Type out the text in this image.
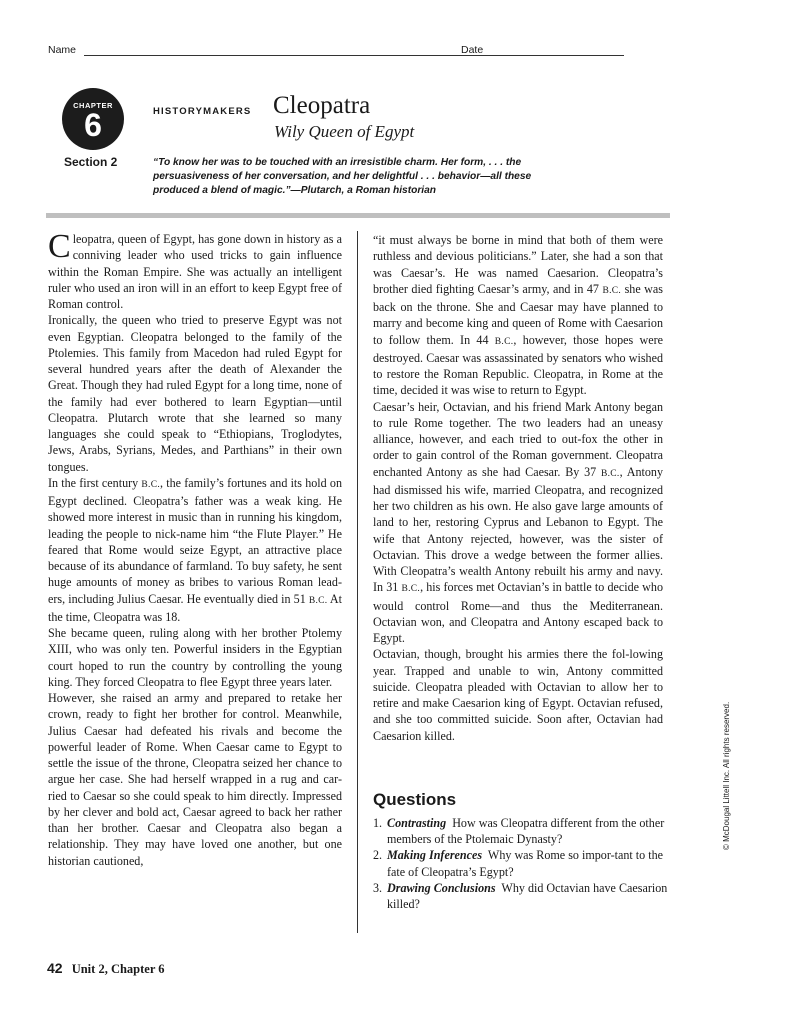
Name	Date
CHAPTER
6
Section 2
HISTORYMAKERS Cleopatra
Wily Queen of Egypt
“To know her was to be touched with an irresistible charm. Her form, . . . the persuasiveness of her conversation, and her delightful . . . behavior—all these produced a blend of magic.”—Plutarch, a Roman historian

Cleopatra, queen of Egypt, has gone down in history as a conniving leader who used tricks to gain influence within the Roman Empire. She was actually an intelligent ruler who used an iron will in an effort to keep Egypt free of Roman control.

Ironically, the queen who tried to preserve Egypt was not even Egyptian. Cleopatra belonged to the family of the Ptolemies. This family from Macedon had ruled Egypt for several hundred years after the death of Alexander the Great. Though they had ruled Egypt for a long time, none of the family had ever bothered to learn Egyptian—until Cleopatra. Plutarch wrote that she learned so many languages she could speak to “Ethiopians, Troglodytes, Jews, Arabs, Syrians, Medes, and Parthians” in their own tongues.

In the first century B.C., the family’s fortunes and its hold on Egypt declined. Cleopatra’s father was a weak king. He showed more interest in music than in running his kingdom, leading the people to nick-name him “the Flute Player.” He feared that Rome would seize Egypt, an attractive place because of its abundance of farmland. To buy safety, he sent huge amounts of money as bribes to various Roman lead-ers, including Julius Caesar. He eventually died in 51 B.C. At the time, Cleopatra was 18.

She became queen, ruling along with her brother Ptolemy XIII, who was only ten. Powerful insiders in the Egyptian court hoped to run the country by controlling the young king. They forced Cleopatra to flee Egypt three years later.

However, she raised an army and prepared to retake her crown, ready to fight her brother for control. Meanwhile, Julius Caesar had defeated his rivals and become the powerful leader of Rome. When Caesar came to Egypt to settle the issue of the throne, Cleopatra seized her chance to argue her case. She had herself wrapped in a rug and car-ried to Caesar so she could speak to him directly. Impressed by her clever and bold act, Caesar agreed to back her rather than her brother. Caesar and Cleopatra also began a relationship. They may have loved one another, but one historian cautioned,

“it must always be borne in mind that both of them were ruthless and devious politicians.” Later, she had a son that was Caesar’s. He was named Caesarion. Cleopatra’s brother died fighting Caesar’s army, and in 47 B.C. she was back on the throne. She and Caesar may have planned to marry and become king and queen of Rome with Caesarion to follow them. In 44 B.C., however, those hopes were destroyed. Caesar was assassinated by senators who wished to restore the Roman Republic. Cleopatra, in Rome at the time, decided it was wise to return to Egypt.

Caesar’s heir, Octavian, and his friend Mark Antony began to rule Rome together. The two leaders had an uneasy alliance, however, and each tried to out-fox the other in order to gain control of the Roman government. Cleopatra enchanted Antony as she had Caesar. By 37 B.C., Antony had dismissed his wife, married Cleopatra, and recognized her two children as his own. He also gave large amounts of land to her, restoring Cyprus and Lebanon to Egypt. The wife that Antony rejected, however, was the sister of Octavian. This drove a wedge between the former allies. With Cleopatra’s wealth Antony rebuilt his army and navy. In 31 B.C., his forces met Octavian’s in battle to decide who would control Rome—and thus the Mediterranean. Octavian won, and Cleopatra and Antony escaped back to Egypt.

Octavian, though, brought his armies there the fol-lowing year. Trapped and unable to win, Antony committed suicide. Cleopatra pleaded with Octavian to allow her to retire and make Caesarion king of Egypt. Octavian refused, and she too committed suicide. Soon after, Octavian had Caesarion killed.

Questions
1. Contrasting How was Cleopatra different from the other members of the Ptolemaic Dynasty?
2. Making Inferences Why was Rome so impor-tant to the fate of Cleopatra’s Egypt?
3. Drawing Conclusions Why did Octavian have Caesarion killed?
© McDougal Littell Inc. All rights reserved.
42 Unit 2, Chapter 6
